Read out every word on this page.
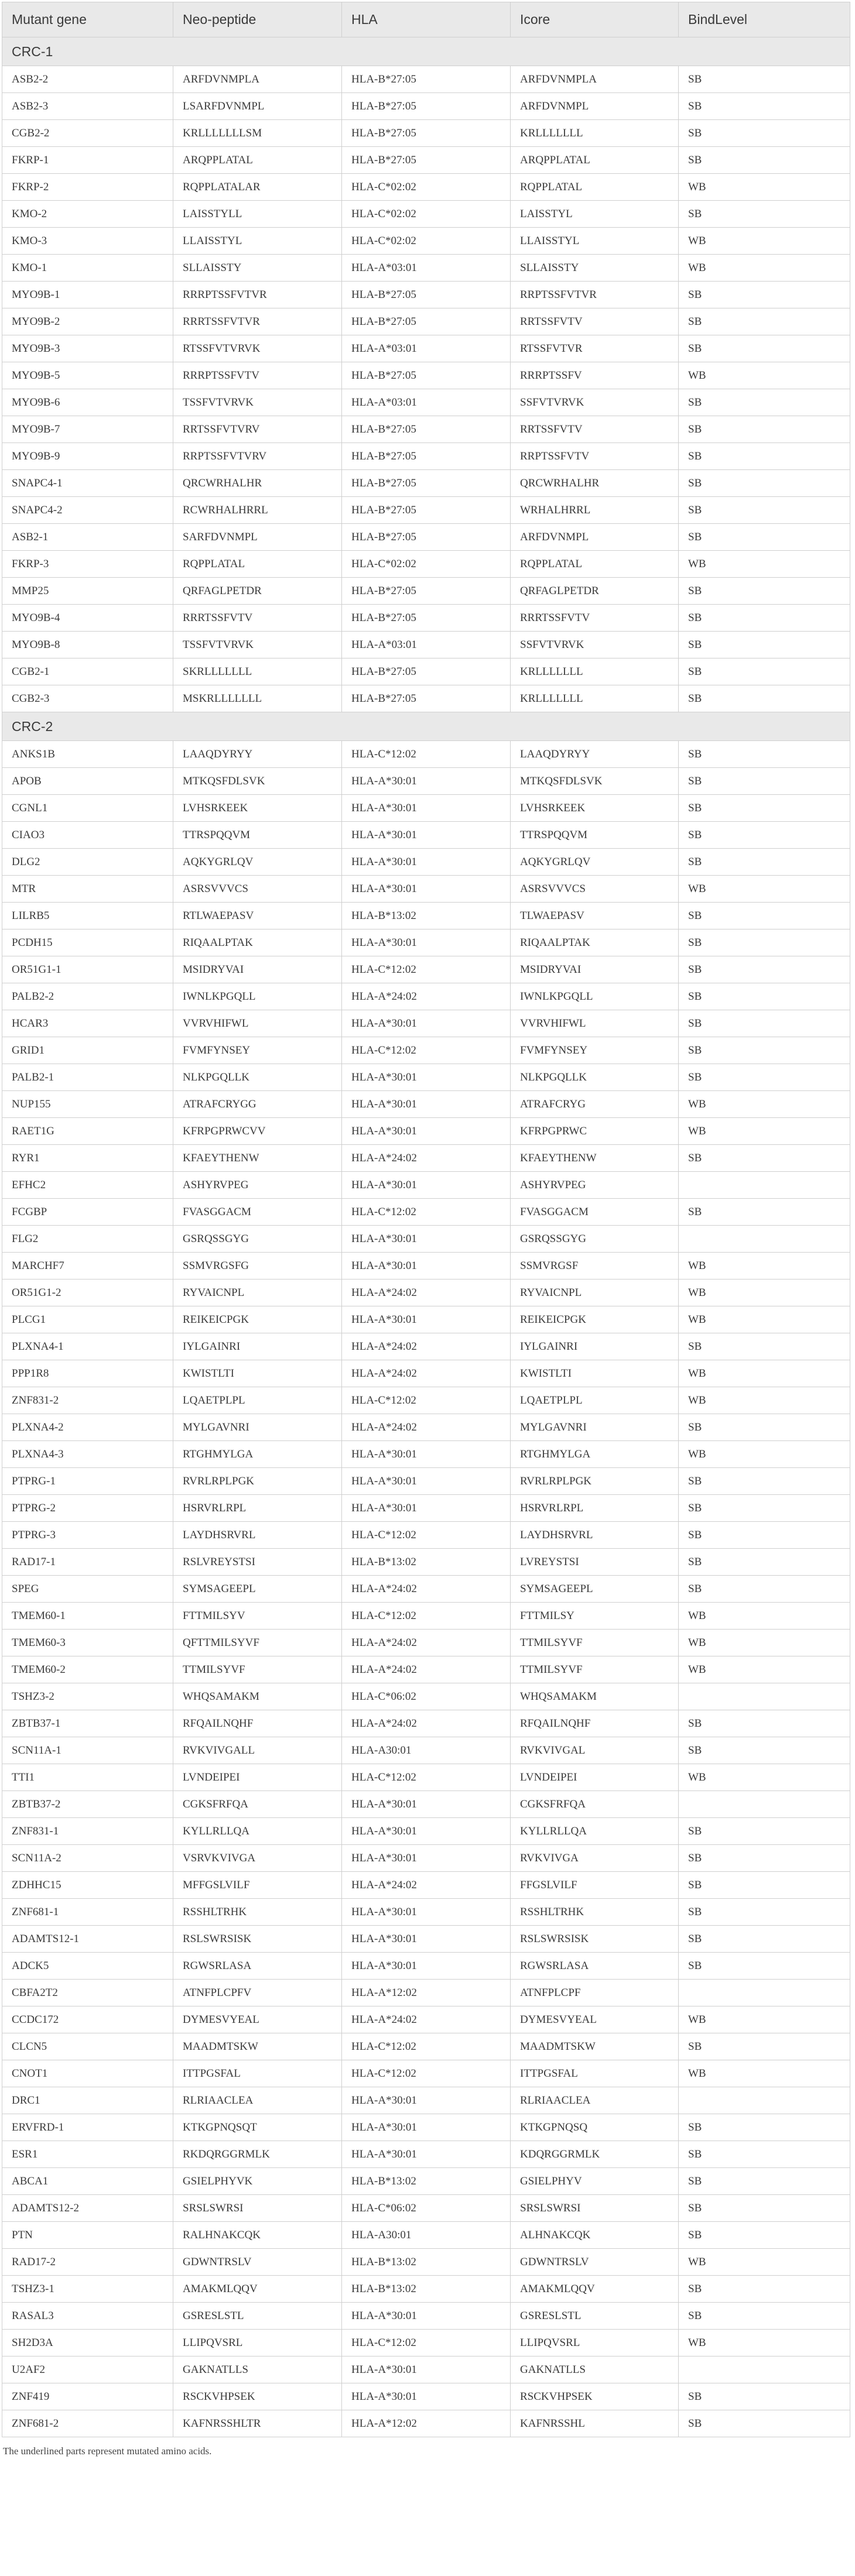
Mutant gene	Neo-peptide	HLA	Icore	BindLevel
CRC-1				
ASB2-2	ARFDVNMPLA	HLA-B*27:05	ARFDVNMPLA	SB
ASB2-3	LSARFDVNMPL	HLA-B*27:05	ARFDVNMPL	SB
CGB2-2	KRLLLLLLLSM	HLA-B*27:05	KRLLLLLLL	SB
FKRP-1	ARQPPLATAL	HLA-B*27:05	ARQPPLATAL	SB
FKRP-2	RQPPLATALAR	HLA-C*02:02	RQPPLATAL	WB
KMO-2	LAISSTYLL	HLA-C*02:02	LAISSTYL	SB
KMO-3	LLAISSTYL	HLA-C*02:02	LLAISSTYL	WB
KMO-1	SLLAISSTY	HLA-A*03:01	SLLAISSTY	WB
MYO9B-1	RRRPTSSFVTVR	HLA-B*27:05	RRPTSSFVTVR	SB
MYO9B-2	RRRTSSFVTVR	HLA-B*27:05	RRTSSFVTV	SB
MYO9B-3	RTSSFVTVRVK	HLA-A*03:01	RTSSFVTVR	SB
MYO9B-5	RRRPTSSFVTV	HLA-B*27:05	RRRPTSSFV	WB
MYO9B-6	TSSFVTVRVK	HLA-A*03:01	SSFVTVRVK	SB
MYO9B-7	RRTSSFVTVRV	HLA-B*27:05	RRTSSFVTV	SB
MYO9B-9	RRPTSSFVTVRV	HLA-B*27:05	RRPTSSFVTV	SB
SNAPC4-1	QRCWRHALHR	HLA-B*27:05	QRCWRHALHR	SB
SNAPC4-2	RCWRHALHRRL	HLA-B*27:05	WRHALHRRL	SB
ASB2-1	SARFDVNMPL	HLA-B*27:05	ARFDVNMPL	SB
FKRP-3	RQPPLATAL	HLA-C*02:02	RQPPLATAL	WB
MMP25	QRFAGLPETDR	HLA-B*27:05	QRFAGLPETDR	SB
MYO9B-4	RRRTSSFVTV	HLA-B*27:05	RRRTSSFVTV	SB
MYO9B-8	TSSFVTVRVK	HLA-A*03:01	SSFVTVRVK	SB
CGB2-1	SKRLLLLLLL	HLA-B*27:05	KRLLLLLLL	SB
CGB2-3	MSKRLLLLLLL	HLA-B*27:05	KRLLLLLLL	SB
CRC-2				
ANKS1B	LAAQDYRYY	HLA-C*12:02	LAAQDYRYY	SB
APOB	MTKQSFDLSVK	HLA-A*30:01	MTKQSFDLSVK	SB
CGNL1	LVHSRKEEK	HLA-A*30:01	LVHSRKEEK	SB
CIAO3	TTRSPQQVM	HLA-A*30:01	TTRSPQQVM	SB
DLG2	AQKYGRLQV	HLA-A*30:01	AQKYGRLQV	SB
MTR	ASRSVVVCS	HLA-A*30:01	ASRSVVVCS	WB
LILRB5	RTLWAEPASV	HLA-B*13:02	TLWAEPASV	SB
PCDH15	RIQAALPTAK	HLA-A*30:01	RIQAALPTAK	SB
OR51G1-1	MSIDRYVAI	HLA-C*12:02	MSIDRYVAI	SB
PALB2-2	IWNLKPGQLL	HLA-A*24:02	IWNLKPGQLL	SB
HCAR3	VVRVHIFWL	HLA-A*30:01	VVRVHIFWL	SB
GRID1	FVMFYNSEY	HLA-C*12:02	FVMFYNSEY	SB
PALB2-1	NLKPGQLLK	HLA-A*30:01	NLKPGQLLK	SB
NUP155	ATRAFCRYGG	HLA-A*30:01	ATRAFCRYG	WB
RAET1G	KFRPGPRWCVV	HLA-A*30:01	KFRPGPRWC	WB
RYR1	KFAEYTHENW	HLA-A*24:02	KFAEYTHENW	SB
EFHC2	ASHYRVPEG	HLA-A*30:01	ASHYRVPEG	
FCGBP	FVASGGACM	HLA-C*12:02	FVASGGACM	SB
FLG2	GSRQSSGYG	HLA-A*30:01	GSRQSSGYG	
MARCHF7	SSMVRGSFG	HLA-A*30:01	SSMVRGSF	WB
OR51G1-2	RYVAICNPL	HLA-A*24:02	RYVAICNPL	WB
PLCG1	REIKEICPGK	HLA-A*30:01	REIKEICPGK	WB
PLXNA4-1	IYLGAINRI	HLA-A*24:02	IYLGAINRI	SB
PPP1R8	KWISTLTI	HLA-A*24:02	KWISTLTI	WB
ZNF831-2	LQAETPLPL	HLA-C*12:02	LQAETPLPL	WB
PLXNA4-2	MYLGAVNRI	HLA-A*24:02	MYLGAVNRI	SB
PLXNA4-3	RTGHMYLGA	HLA-A*30:01	RTGHMYLGA	WB
PTPRG-1	RVRLRPLPGK	HLA-A*30:01	RVRLRPLPGK	SB
PTPRG-2	HSRVRLRPL	HLA-A*30:01	HSRVRLRPL	SB
PTPRG-3	LAYDHSRVRL	HLA-C*12:02	LAYDHSRVRL	SB
RAD17-1	RSLVREYSTSI	HLA-B*13:02	LVREYSTSI	SB
SPEG	SYMSAGEEPL	HLA-A*24:02	SYMSAGEEPL	SB
TMEM60-1	FTTMILSYV	HLA-C*12:02	FTTMILSY	WB
TMEM60-3	QFTTMILSYVF	HLA-A*24:02	TTMILSYVF	WB
TMEM60-2	TTMILSYVF	HLA-A*24:02	TTMILSYVF	WB
TSHZ3-2	WHQSAMAKM	HLA-C*06:02	WHQSAMAKM	
ZBTB37-1	RFQAILNQHF	HLA-A*24:02	RFQAILNQHF	SB
SCN11A-1	RVKVIVGALL	HLA-A30:01	RVKVIVGAL	SB
TTI1	LVNDEIPEI	HLA-C*12:02	LVNDEIPEI	WB
ZBTB37-2	CGKSFRFQA	HLA-A*30:01	CGKSFRFQA	
ZNF831-1	KYLLRLLQA	HLA-A*30:01	KYLLRLLQA	SB
SCN11A-2	VSRVKVIVGA	HLA-A*30:01	RVKVIVGA	SB
ZDHHC15	MFFGSLVILF	HLA-A*24:02	FFGSLVILF	SB
ZNF681-1	RSSHLTRHK	HLA-A*30:01	RSSHLTRHK	SB
ADAMTS12-1	RSLSWRSISK	HLA-A*30:01	RSLSWRSISK	SB
ADCK5	RGWSRLASA	HLA-A*30:01	RGWSRLASA	SB
CBFA2T2	ATNFPLCPFV	HLA-A*12:02	ATNFPLCPF	
CCDC172	DYMESVYEAL	HLA-A*24:02	DYMESVYEAL	WB
CLCN5	MAADMTSKW	HLA-C*12:02	MAADMTSKW	SB
CNOT1	ITTPGSFAL	HLA-C*12:02	ITTPGSFAL	WB
DRC1	RLRIAACLEA	HLA-A*30:01	RLRIAACLEA	
ERVFRD-1	KTKGPNQSQT	HLA-A*30:01	KTKGPNQSQ	SB
ESR1	RKDQRGGRMLK	HLA-A*30:01	KDQRGGRMLK	SB
ABCA1	GSIELPHYVK	HLA-B*13:02	GSIELPHYV	SB
ADAMTS12-2	SRSLSWRSI	HLA-C*06:02	SRSLSWRSI	SB
PTN	RALHNAKCQK	HLA-A30:01	ALHNAKCQK	SB
RAD17-2	GDWNTRSLV	HLA-B*13:02	GDWNTRSLV	WB
TSHZ3-1	AMAKMLQQV	HLA-B*13:02	AMAKMLQQV	SB
RASAL3	GSRESLSTL	HLA-A*30:01	GSRESLSTL	SB
SH2D3A	LLIPQVSRL	HLA-C*12:02	LLIPQVSRL	WB
U2AF2	GAKNATLLS	HLA-A*30:01	GAKNATLLS	
ZNF419	RSCKVHPSEK	HLA-A*30:01	RSCKVHPSEK	SB
ZNF681-2	KAFNRSSHLTR	HLA-A*12:02	KAFNRSSHL	SB
The underlined parts represent mutated amino acids.
